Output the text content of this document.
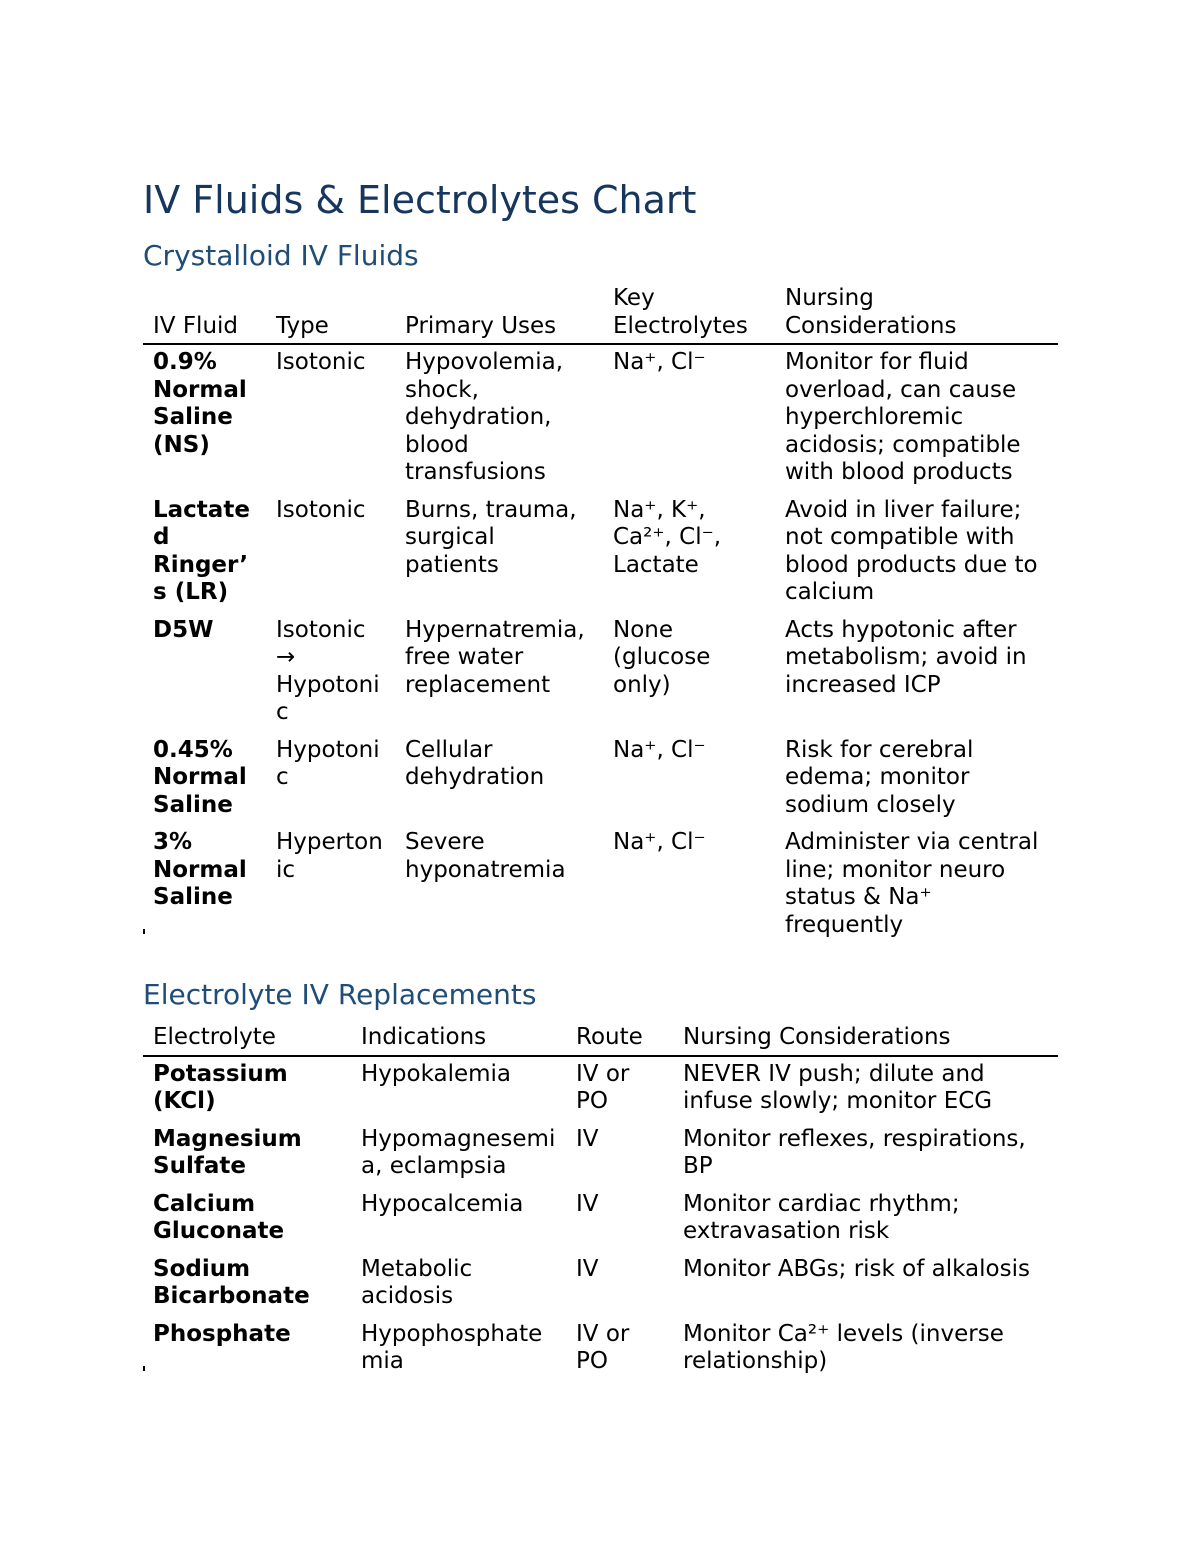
IV Fluids & Electrolytes Chart
Crystalloid IV Fluids
IV Fluid	Type	Primary Uses	Key Electrolytes	Nursing Considerations
0.9% Normal Saline (NS)	Isotonic	Hypovolemia, shock, dehydration, blood transfusions	Na⁺, Cl⁻	Monitor for fluid overload, can cause hyperchloremic acidosis; compatible with blood products
Lactated Ringer’s (LR)	Isotonic	Burns, trauma, surgical patients	Na⁺, K⁺, Ca²⁺, Cl⁻, Lactate	Avoid in liver failure; not compatible with blood products due to calcium
D5W	Isotonic → Hypotonic	Hypernatremia, free water replacement	None (glucose only)	Acts hypotonic after metabolism; avoid in increased ICP
0.45% Normal Saline	Hypotonic	Cellular dehydration	Na⁺, Cl⁻	Risk for cerebral edema; monitor sodium closely
3% Normal Saline	Hypertonic	Severe hyponatremia	Na⁺, Cl⁻	Administer via central line; monitor neuro status & Na⁺ frequently
Electrolyte IV Replacements
Electrolyte	Indications	Route	Nursing Considerations
Potassium (KCl)	Hypokalemia	IV or PO	NEVER IV push; dilute and infuse slowly; monitor ECG
Magnesium Sulfate	Hypomagnesemia, eclampsia	IV	Monitor reflexes, respirations, BP
Calcium Gluconate	Hypocalcemia	IV	Monitor cardiac rhythm; extravasation risk
Sodium Bicarbonate	Metabolic acidosis	IV	Monitor ABGs; risk of alkalosis
Phosphate	Hypophosphatemia	IV or PO	Monitor Ca²⁺ levels (inverse relationship)
